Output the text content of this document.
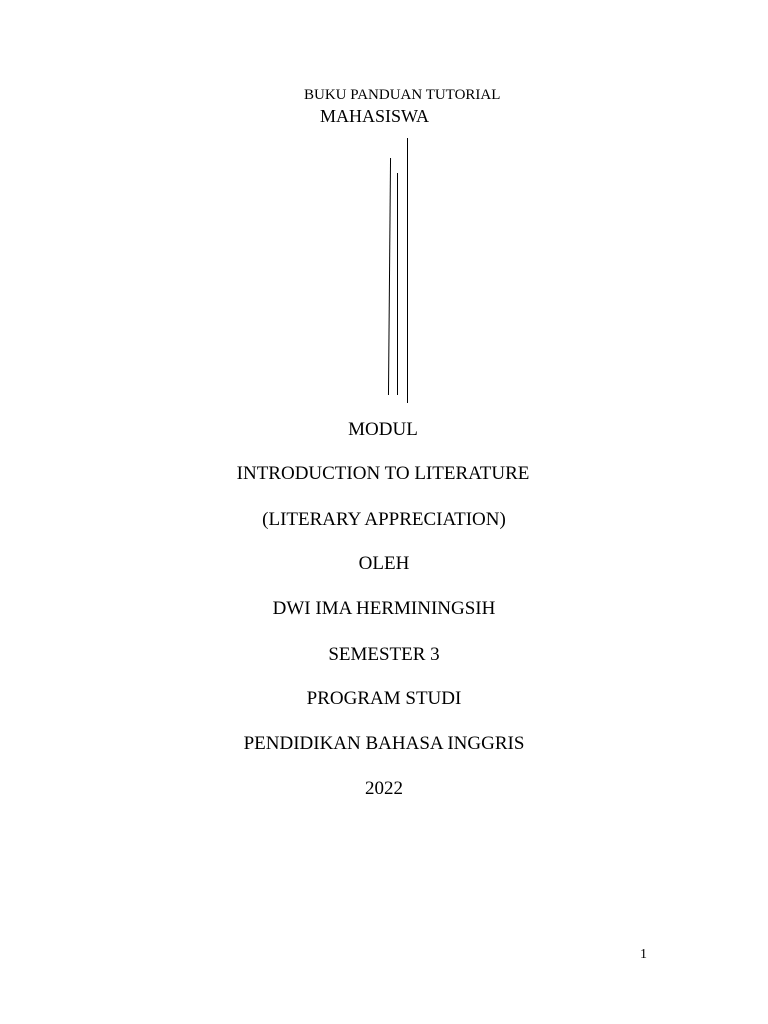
BUKU PANDUAN TUTORIAL
MAHASISWA
MODUL
INTRODUCTION TO LITERATURE
(LITERARY APPRECIATION)
OLEH
DWI IMA HERMININGSIH
SEMESTER 3
PROGRAM STUDI
PENDIDIKAN BAHASA INGGRIS
2022
1
